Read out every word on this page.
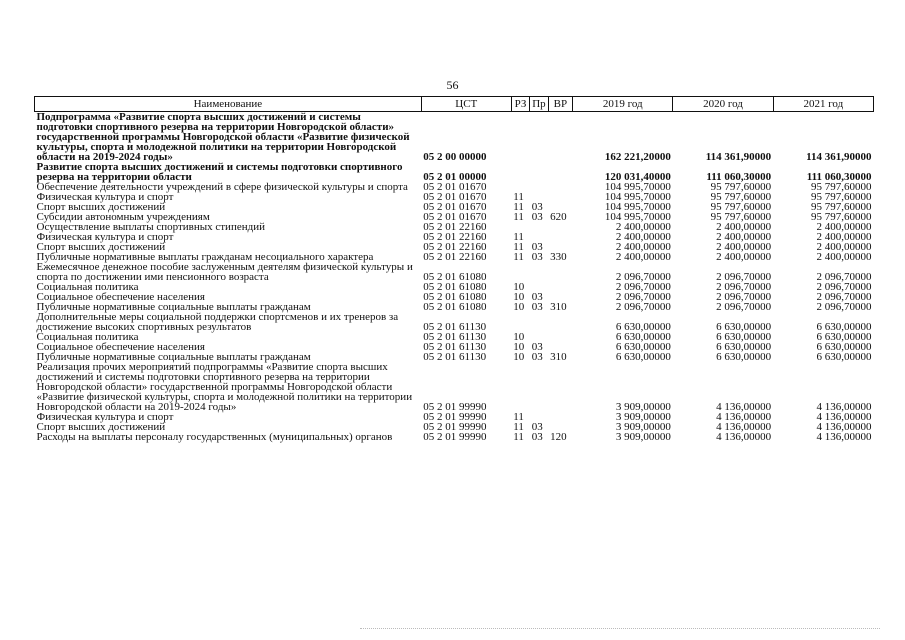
56
Наименование	ЦСТ	РЗ	Пр	ВР	2019 год	2020 год	2021 год
Подпрограмма «Развитие спорта высших достижений и системы подготовки спортивного резерва на территории Новгородской области» государственной программы Новгородской области «Развитие физической культуры, спорта и молодежной политики на территории Новгородской области на 2019-2024 годы»	05 2 00 00000				162 221,20000	114 361,90000	114 361,90000
Развитие спорта высших достижений и системы подготовки спортивного резерва на территории области	05 2 01 00000				120 031,40000	111 060,30000	111 060,30000
Обеспечение деятельности учреждений в сфере физической культуры и спорта	05 2 01 01670				104 995,70000	95 797,60000	95 797,60000
Физическая культура и спорт	05 2 01 01670	11			104 995,70000	95 797,60000	95 797,60000
Спорт высших достижений	05 2 01 01670	11	03		104 995,70000	95 797,60000	95 797,60000
Субсидии автономным учреждениям	05 2 01 01670	11	03	620	104 995,70000	95 797,60000	95 797,60000
Осуществление выплаты спортивных стипендий	05 2 01 22160				2 400,00000	2 400,00000	2 400,00000
Физическая культура и спорт	05 2 01 22160	11			2 400,00000	2 400,00000	2 400,00000
Спорт высших достижений	05 2 01 22160	11	03		2 400,00000	2 400,00000	2 400,00000
Публичные нормативные выплаты гражданам несоциального характера	05 2 01 22160	11	03	330	2 400,00000	2 400,00000	2 400,00000
Ежемесячное денежное пособие заслуженным деятелям физической культуры и спорта по достижении ими пенсионного возраста	05 2 01 61080				2 096,70000	2 096,70000	2 096,70000
Социальная политика	05 2 01 61080	10			2 096,70000	2 096,70000	2 096,70000
Социальное обеспечение населения	05 2 01 61080	10	03		2 096,70000	2 096,70000	2 096,70000
Публичные нормативные социальные выплаты гражданам	05 2 01 61080	10	03	310	2 096,70000	2 096,70000	2 096,70000
Дополнительные меры социальной поддержки спортсменов и их тренеров за достижение высоких спортивных результатов	05 2 01 61130				6 630,00000	6 630,00000	6 630,00000
Социальная политика	05 2 01 61130	10			6 630,00000	6 630,00000	6 630,00000
Социальное обеспечение населения	05 2 01 61130	10	03		6 630,00000	6 630,00000	6 630,00000
Публичные нормативные социальные выплаты гражданам	05 2 01 61130	10	03	310	6 630,00000	6 630,00000	6 630,00000
Реализация прочих мероприятий подпрограммы «Развитие спорта высших достижений и системы подготовки спортивного резерва на территории Новгородской области» государственной программы Новгородской области «Развитие физической культуры, спорта и молодежной политики на территории Новгородской области на 2019-2024 годы»	05 2 01 99990				3 909,00000	4 136,00000	4 136,00000
Физическая культура и спорт	05 2 01 99990	11			3 909,00000	4 136,00000	4 136,00000
Спорт высших достижений	05 2 01 99990	11	03		3 909,00000	4 136,00000	4 136,00000
Расходы на выплаты персоналу государственных (муниципальных) органов	05 2 01 99990	11	03	120	3 909,00000	4 136,00000	4 136,00000
